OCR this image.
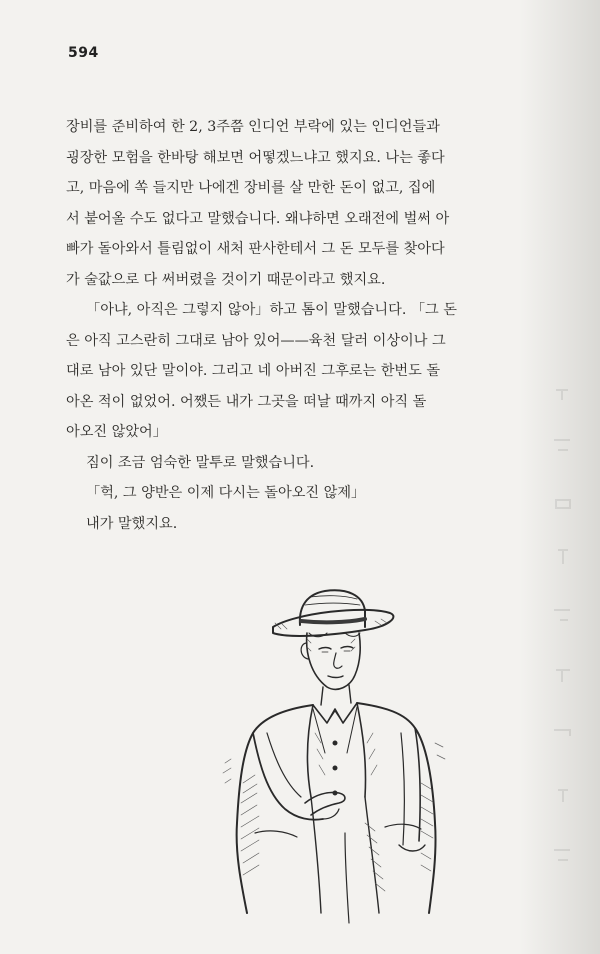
594
장비를 준비하여 한 2, 3주쯤 인디언 부락에 있는 인디언들과
굉장한 모험을 한바탕 해보면 어떻겠느냐고 했지요. 나는 좋다
고, 마음에 쏙 들지만 나에겐 장비를 살 만한 돈이 없고, 집에
서 붙어올 수도 없다고 말했습니다. 왜냐하면 오래전에 벌써 아
빠가 돌아와서 틀림없이 새처 판사한테서 그 돈 모두를 찾아다
가 술값으로 다 써버렸을 것이기 때문이라고 했지요.
「아냐, 아직은 그렇지 않아」하고 톰이 말했습니다. 「그 돈
은 아직 고스란히 그대로 남아 있어——육천 달러 이상이나 그
대로 남아 있단 말이야. 그리고 네 아버진 그후로는 한번도 돌
아온 적이 없었어. 어쨌든 내가 그곳을 떠날 때까지 아직 돌
아오진 않았어」
짐이 조금 엄숙한 말투로 말했습니다.
「헉, 그 양반은 이제 다시는 돌아오진 않제」
내가 말했지요.
